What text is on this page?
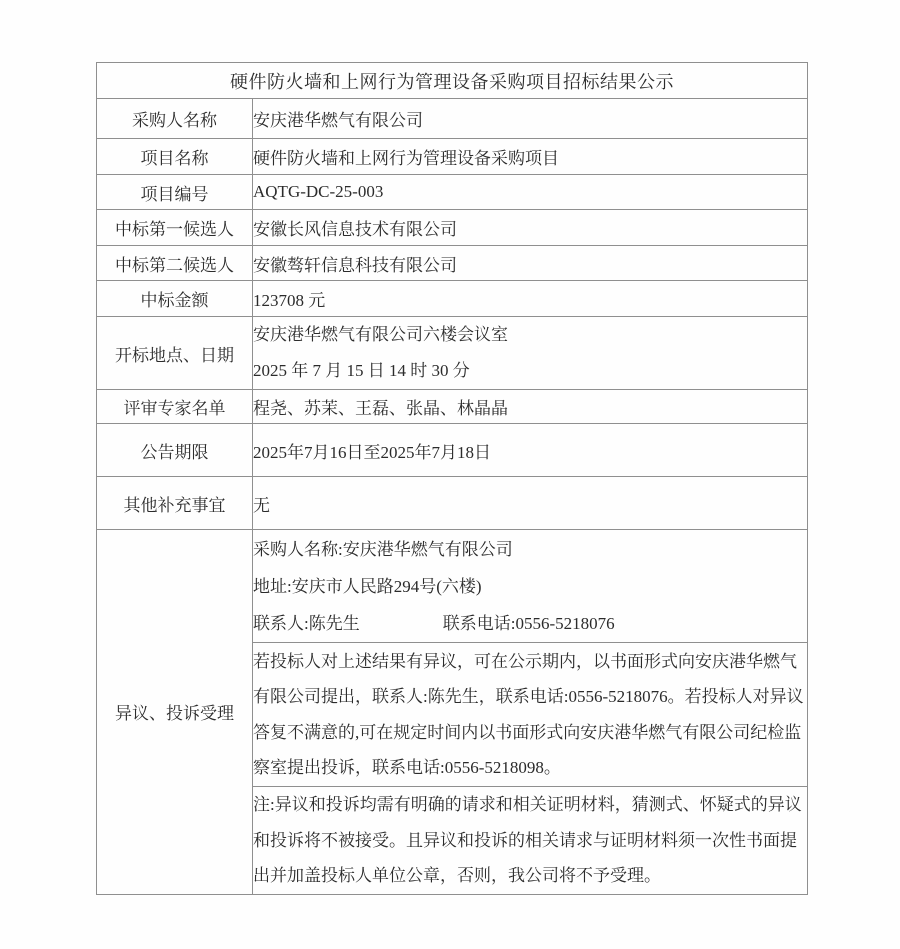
硬件防火墙和上网行为管理设备采购项目招标结果公示	
采购人名称	安庆港华燃气有限公司
项目名称	硬件防火墙和上网行为管理设备采购项目
项目编号	AQTG-DC-25-003
中标第一候选人	安徽长风信息技术有限公司
中标第二候选人	安徽骜轩信息科技有限公司
中标金额	123708 元
开标地点、日期	安庆港华燃气有限公司六楼会议室
2025 年 7 月 15 日 14 时 30 分

评审专家名单	程尧、苏茉、王磊、张晶、林晶晶
公告期限	2025年7月16日至2025年7月18日
其他补充事宜	无
异议、投诉受理	采购人名称:安庆港华燃气有限公司
地址:安庆市人民路294号(六楼)
联系人:陈先生 联系电话:0556-5218076

	若投标人对上述结果有异议，可在公示期内，以书面形式向安庆港华燃气有限公司提出，联系人:陈先生，联系电话:0556-5218076。若投标人对异议答复不满意的,可在规定时间内以书面形式向安庆港华燃气有限公司纪检监察室提出投诉，联系电话:0556-5218098。
	注:异议和投诉均需有明确的请求和相关证明材料，猜测式、怀疑式的异议和投诉将不被接受。且异议和投诉的相关请求与证明材料须一次性书面提出并加盖投标人单位公章，否则，我公司将不予受理。
